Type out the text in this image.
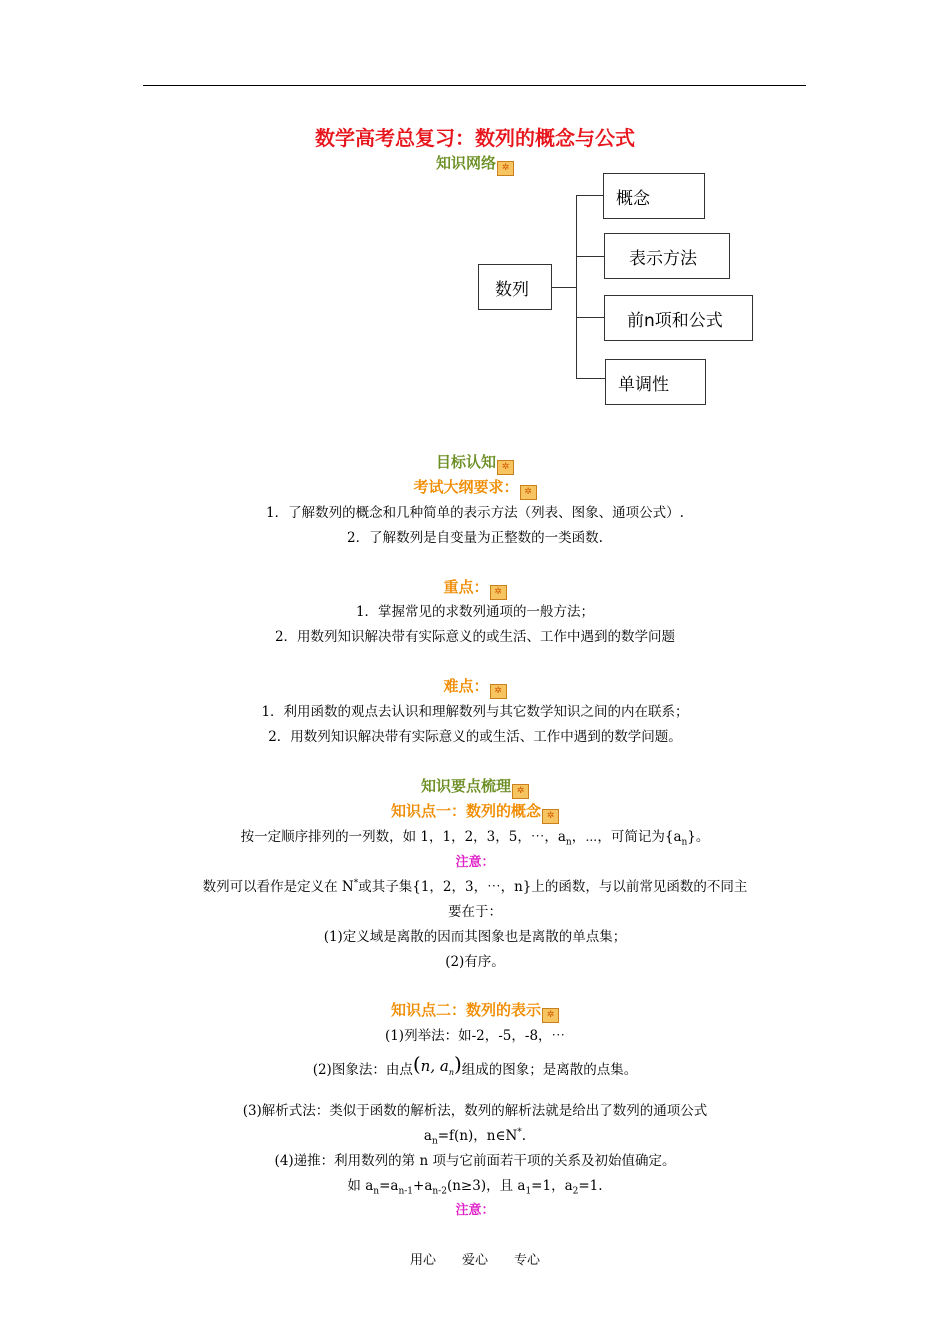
数学高考总复习：数列的概念与公式
知识网络 ✲
数列
概念
表示方法
前n项和公式
单调性
目标认知 ✲
考试大纲要求： ✲
1．了解数列的概念和几种简单的表示方法（列表、图象、通项公式）.
2．了解数列是自变量为正整数的一类函数.
重点： ✲
1．掌握常见的求数列通项的一般方法；
2．用数列知识解决带有实际意义的或生活、工作中遇到的数学问题
难点： ✲
1．利用函数的观点去认识和理解数列与其它数学知识之间的内在联系；
2．用数列知识解决带有实际意义的或生活、工作中遇到的数学问题。
知识要点梳理 ✲
知识点一：数列的概念 ✲
按一定顺序排列的一列数，如 1，1，2，3，5，⋯，$a_n$，⋯，可简记为$\{a_n\}$。
注意：
数列可以看作是定义在 N*或其子集{1，2，3，⋯，n}上的函数，与以前常见函数的不同主
要在于：
(1)定义域是离散的因而其图象也是离散的单点集；
(2)有序。
知识点二：数列的表示 ✲
(1)列举法：如-2，-5，-8，⋯
(2)图象法：由点(n, $a_n$)组成的图象；是离散的点集。
(3)解析式法：类似于函数的解析法，数列的解析法就是给出了数列的通项公式
$a_n=f(n)$，n∈N*.
(4)递推：利用数列的第 n 项与它前面若干项的关系及初始值确定。
如 $a_n=a_{n-1}+a_{n-2}(n\ge 3)$，且 $a_1=1$，$a_2=1$.
注意：
用心 爱心 专心
